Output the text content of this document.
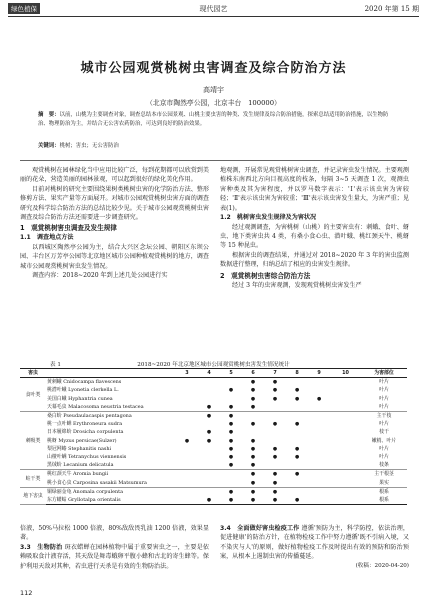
绿色植保	现代园艺	2020 年第 15 期
城市公园观赏桃树虫害调查及综合防治方法
高靖宇
（北京市陶然亭公园，北京丰台　100000）
摘　要：以前，山桃为主要调查对象，调查总结本市公园景观、山桃主要虫害的种类、发生规律及综合防治措施，探索总结适用防治措施，以生物防治、物理防治为主，并结合无公害农药防治，可达到良好的防治效果。
关键词：桃树；害虫；无公害防治

观赏桃树在园林绿化当中应用比较广泛，每到花期都可以欣赏到美丽的花朵，营造美丽的园林景观，可以起到很好的绿化美化作用。

目前对桃树的研究主要围绕果树类桃树虫害的化学防治方法、整形修剪方法、果实产量等方面展开。对城市公园观赏桃树虫害方面的调查研究及科学综合防治方法的总结比较少见。关于城市公园观赏桃树虫害调查及综合防治方法还需要进一步调查研究。

1　观赏桃树害虫调查及发生规律
1.1　调查地点方法

以西城区陶然亭公园为主，结合大兴区念坛公园、朝阳区东坝公园、丰台区万芳亭公园等北京地区城市公园种植观赏桃树的地方，调查城市公园观赏桃树害虫发生情况。

调查内容：2018~2020 年到上述几处公园进行实

地观测，开展常见观赏桃树害虫调查，并记录害虫发生情况。主要观测植株东南西北方向目视高度的枝条，每隔 3~5 天调查 1 次，观测虫害种类及其为害程度，并以罗马数字表示：'Ⅰ'表示该虫害为害较轻；'Ⅱ'表示该虫害为害较重；'Ⅲ'表示该虫害发生量大，为害严重；见表(1)。

1.2　桃树害虫发生规律及为害状况

经过观测调查，为害桃树（山桃）的主要害虫有：刺蛾、食叶、蚜虫、地下类害虫共 4 类，有桑小食心虫、潜叶蛾、桃红颈天牛、桃蚜等 15 种昆虫。

根据害虫的调查结果，并通过对 2018~2020 年 3 年的害虫监测数据进行整理，归纳总结了相应的虫害发生规律。

2　观赏桃树虫害综合防治方法

经过 3 年的虫害观测，发现观赏桃树虫害发生严

表 1	2018~2020 年北京地区城市公园观赏桃树虫害发生情况统计
害虫		3	4	5	6	7	8	9	10	为害部位
食叶类	黄刺蛾 Cnidocampa flavescens				●	●				叶片
	桃潜叶蛾 Lyonetia clerkella L.			●	●	●	●			叶片
	美国白蛾 Hyphantria cunea				●	●	●	●		叶片
	天幕毛虫 Malacosoma neustria testacea		●	●	●					叶片
刺吸类	桑白蚧 Pseudaulacaspis pentagona		●	●						主干枝
	桃一点叶蝉 Erythroneura sudra			●	●	●	●			叶片
	日本履绵蚧 Drosicha corpulenta		●	●						枝干
	桃蚜 Myzus persicae(Sulzer)	●	●	●	●					嫩梢、叶片
	梨冠网蝽 Stephanitis nashi			●	●	●	●			叶片
	山楂叶螨 Tetranychus viennensis			●	●	●	●			叶片
	黑绒蚧 Lecanium delicatula			●	●					枝条
蛀干类	桃红颈天牛 Aromia bungii				●	●	●			主干根茎
	桃小食心虫 Carposina sasakii Matsumura				●	●				果实
地下害虫	铜绿丽金龟 Anomala corpulenta			●	●	●				根系
	东方蝼蛄 Gryllotalpa orientalis		●	●	●	●	●			根系

倍液，50%马拉松 1000 倍液，80%敌敌畏乳油 1200 倍液，效果显著。

3.3　生物防治 斑衣蜡蝉在园林植物中属于重要害虫之一，主要是依赖吸取食汁液存活，其天敌是舞毒蛾卵平腹小蜂和古北的寄生蜂等。保护利用天敌对其种，若虫进行天杀是有效的生物防治法。

3.4　全面做好害虫检疫工作 遵循'预防为主，科学防控，依法治理，促进健康'的防治方针，在植物检疫工作中努力遵循'既不引病入境，又不染灾与人'的原则，做好植物检疫工作及时提出有效的预防和防治预案，从根本上遏制虫害的传播蔓延。

(收稿：2020-04-20)
112
